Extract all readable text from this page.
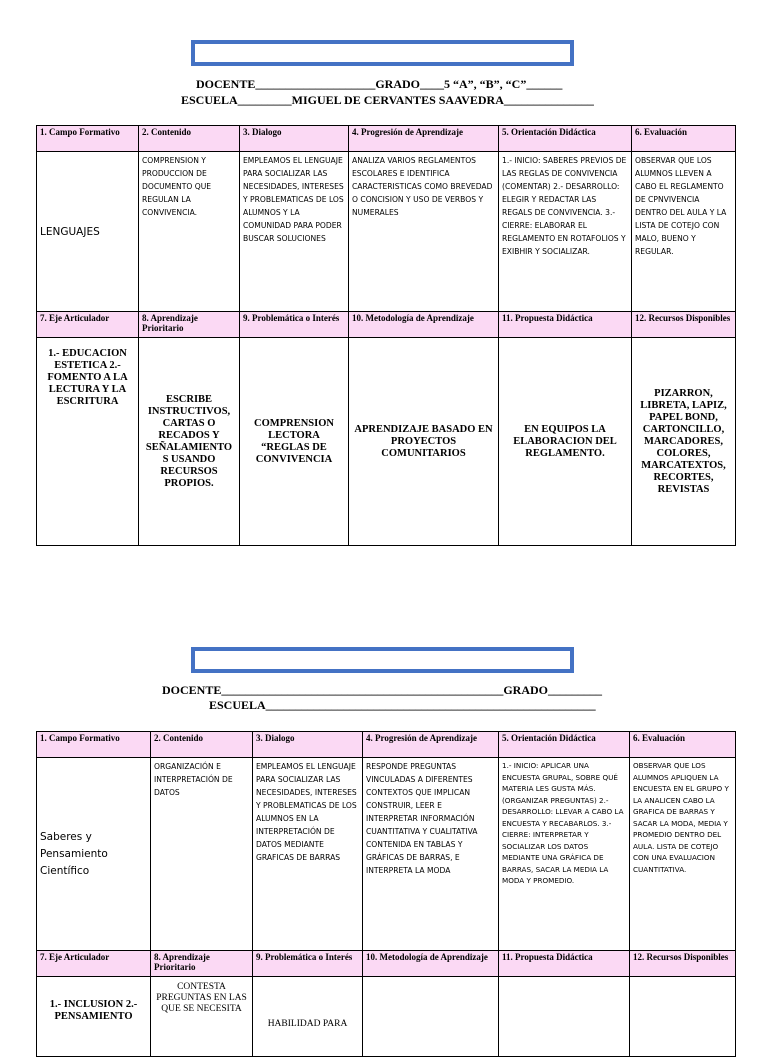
DOCENTE____________________GRADO____5 “A”, “B”, “C”______
ESCUELA_________MIGUEL DE CERVANTES SAAVEDRA_______________
1. Campo Formativo	2. Contenido	3. Dialogo	4. Progresión de Aprendizaje	5. Orientación Didáctica	6. Evaluación
LENGUAJES	COMPRENSION Y PRODUCCION DE DOCUMENTO QUE REGULAN LA CONVIVENCIA.	EMPLEAMOS EL LENGUAJE PARA SOCIALIZAR LAS NECESIDADES, INTERESES Y PROBLEMATICAS DE LOS ALUMNOS Y LA COMUNIDAD PARA PODER BUSCAR SOLUCIONES	ANALIZA VARIOS REGLAMENTOS ESCOLARES E IDENTIFICA CARACTERISTICAS COMO BREVEDAD O CONCISION Y USO DE VERBOS Y NUMERALES	1.- INICIO: SABERES PREVIOS DE LAS REGLAS DE CONVIVENCIA (COMENTAR) 2.- DESARROLLO: ELEGIR Y REDACTAR LAS REGALS DE CONVIVENCIA. 3.-CIERRE: ELABORAR EL REGLAMENTO EN ROTAFOLIOS Y EXIBHIR Y SOCIALIZAR.	OBSERVAR QUE LOS ALUMNOS LLEVEN A CABO EL REGLAMENTO DE CPNVIVENCIA DENTRO DEL AULA Y LA LISTA DE COTEJO CON MALO, BUENO Y REGULAR.
7. Eje Articulador	8. Aprendizaje Prioritario	9. Problemática o Interés	10. Metodología de Aprendizaje	11. Propuesta Didáctica	12. Recursos Disponibles
1.- EDUCACION ESTETICA 2.- FOMENTO A LA LECTURA Y LA ESCRITURA	ESCRIBE INSTRUCTIVOS, CARTAS O RECADOS Y SEÑALAMIENTO S USANDO RECURSOS PROPIOS.	COMPRENSION LECTORA “REGLAS DE CONVIVENCIA	APRENDIZAJE BASADO EN PROYECTOS COMUNITARIOS	EN EQUIPOS LA ELABORACION DEL REGLAMENTO.	PIZARRON, LIBRETA, LAPIZ, PAPEL BOND, CARTONCILLO, MARCADORES, COLORES, MARCATEXTOS, RECORTES, REVISTAS
DOCENTE_______________________________________________GRADO_________
ESCUELA_______________________________________________________
1. Campo Formativo	2. Contenido	3. Dialogo	4. Progresión de Aprendizaje	5. Orientación Didáctica	6. Evaluación
Saberes y Pensamiento Científico	ORGANIZACIÓN E INTERPRETACIÓN DE DATOS	EMPLEAMOS EL LENGUAJE PARA SOCIALIZAR LAS NECESIDADES, INTERESES Y PROBLEMATICAS DE LOS ALUMNOS EN LA INTERPRETACIÓN DE DATOS MEDIANTE GRAFICAS DE BARRAS	RESPONDE PREGUNTAS VINCULADAS A DIFERENTES CONTEXTOS QUE IMPLICAN CONSTRUIR, LEER E INTERPRETAR INFORMACIÓN CUANTITATIVA Y CUALITATIVA CONTENIDA EN TABLAS Y GRÁFICAS DE BARRAS, E INTERPRETA LA MODA	1.- INICIO: APLICAR UNA ENCUESTA GRUPAL, SOBRE QUÉ MATERIA LES GUSTA MÁS. (ORGANIZAR PREGUNTAS) 2.- DESARROLLO: LLEVAR A CABO LA ENCUESTA Y RECABARLOS. 3.- CIERRE: INTERPRETAR Y SOCIALIZAR LOS DATOS MEDIANTE UNA GRÁFICA DE BARRAS, SACAR LA MEDIA LA MODA Y PROMEDIO.	OBSERVAR QUE LOS ALUMNOS APLIQUEN LA ENCUESTA EN EL GRUPO Y LA ANALICEN CABO LA GRAFICA DE BARRAS Y SACAR LA MODA, MEDIA Y PROMEDIO DENTRO DEL AULA. LISTA DE COTEJO CON UNA EVALUACION CUANTITATIVA.
7. Eje Articulador	8. Aprendizaje Prioritario	9. Problemática o Interés	10. Metodología de Aprendizaje	11. Propuesta Didáctica	12. Recursos Disponibles
1.- INCLUSION 2.- PENSAMIENTO	CONTESTA PREGUNTAS EN LAS QUE SE NECESITA	HABILIDAD PARA			
